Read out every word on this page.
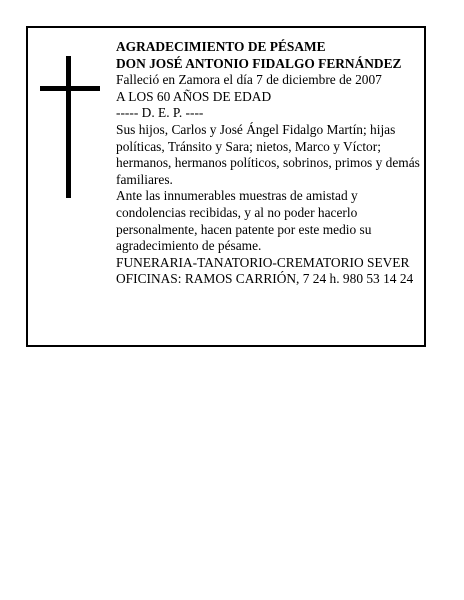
AGRADECIMIENTO DE PÉSAME

DON JOSÉ ANTONIO FIDALGO FERNÁNDEZ

Falleció en Zamora el día 7 de diciembre de 2007

A LOS 60 AÑOS DE EDAD

----- D. E. P. ----

Sus hijos, Carlos y José Ángel Fidalgo Martín; hijas políticas, Tránsito y Sara; nietos, Marco y Víctor; hermanos, hermanos políticos, sobrinos, primos y demás familiares.

Ante las innumerables muestras de amistad y condolencias recibidas, y al no poder hacerlo personalmente, hacen patente por este medio su agradecimiento de pésame.

FUNERARIA-TANATORIO-CREMATORIO SEVER

OFICINAS: RAMOS CARRIÓN, 7 24 h. 980 53 14 24
